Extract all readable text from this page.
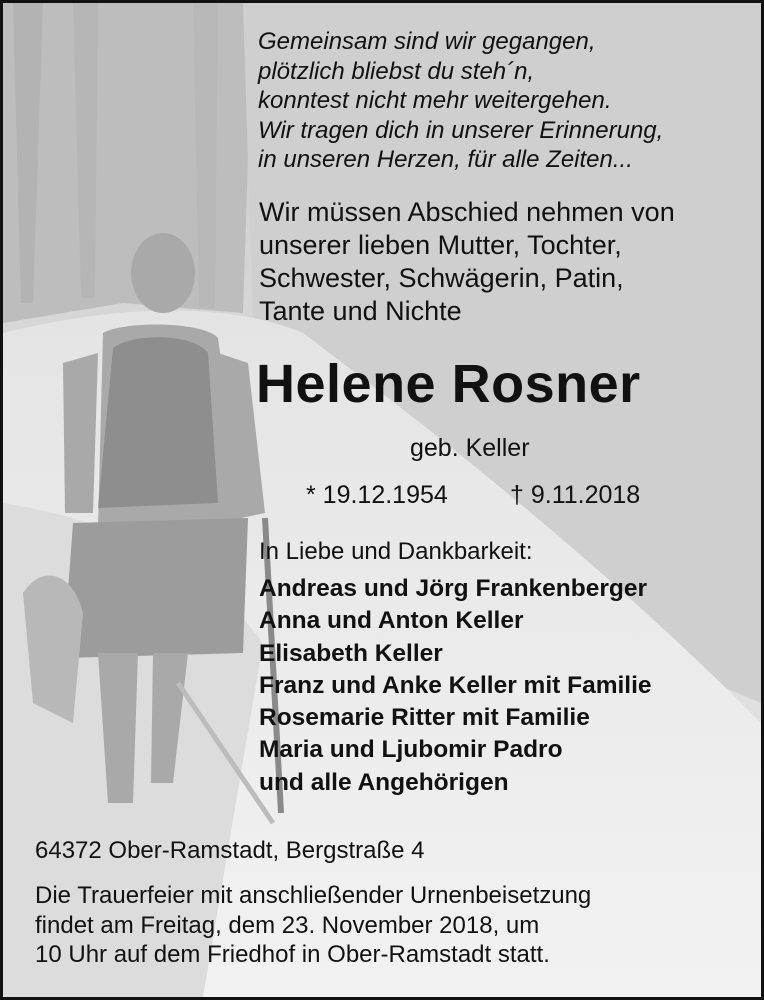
Gemeinsam sind wir gegangen,
plötzlich bliebst du steh´n,
konntest nicht mehr weitergehen.
Wir tragen dich in unserer Erinnerung,
in unseren Herzen, für alle Zeiten...
Wir müssen Abschied nehmen von
unserer lieben Mutter, Tochter,
Schwester, Schwägerin, Patin,
Tante und Nichte
Helene Rosner
geb. Keller
* 19.12.1954 † 9.11.2018
In Liebe und Dankbarkeit:
Andreas und Jörg Frankenberger
Anna und Anton Keller
Elisabeth Keller
Franz und Anke Keller mit Familie
Rosemarie Ritter mit Familie
Maria und Ljubomir Padro
und alle Angehörigen
64372 Ober-Ramstadt, Bergstraße 4
Die Trauerfeier mit anschließender Urnenbeisetzung
findet am Freitag, dem 23. November 2018, um
10 Uhr auf dem Friedhof in Ober-Ramstadt statt.
